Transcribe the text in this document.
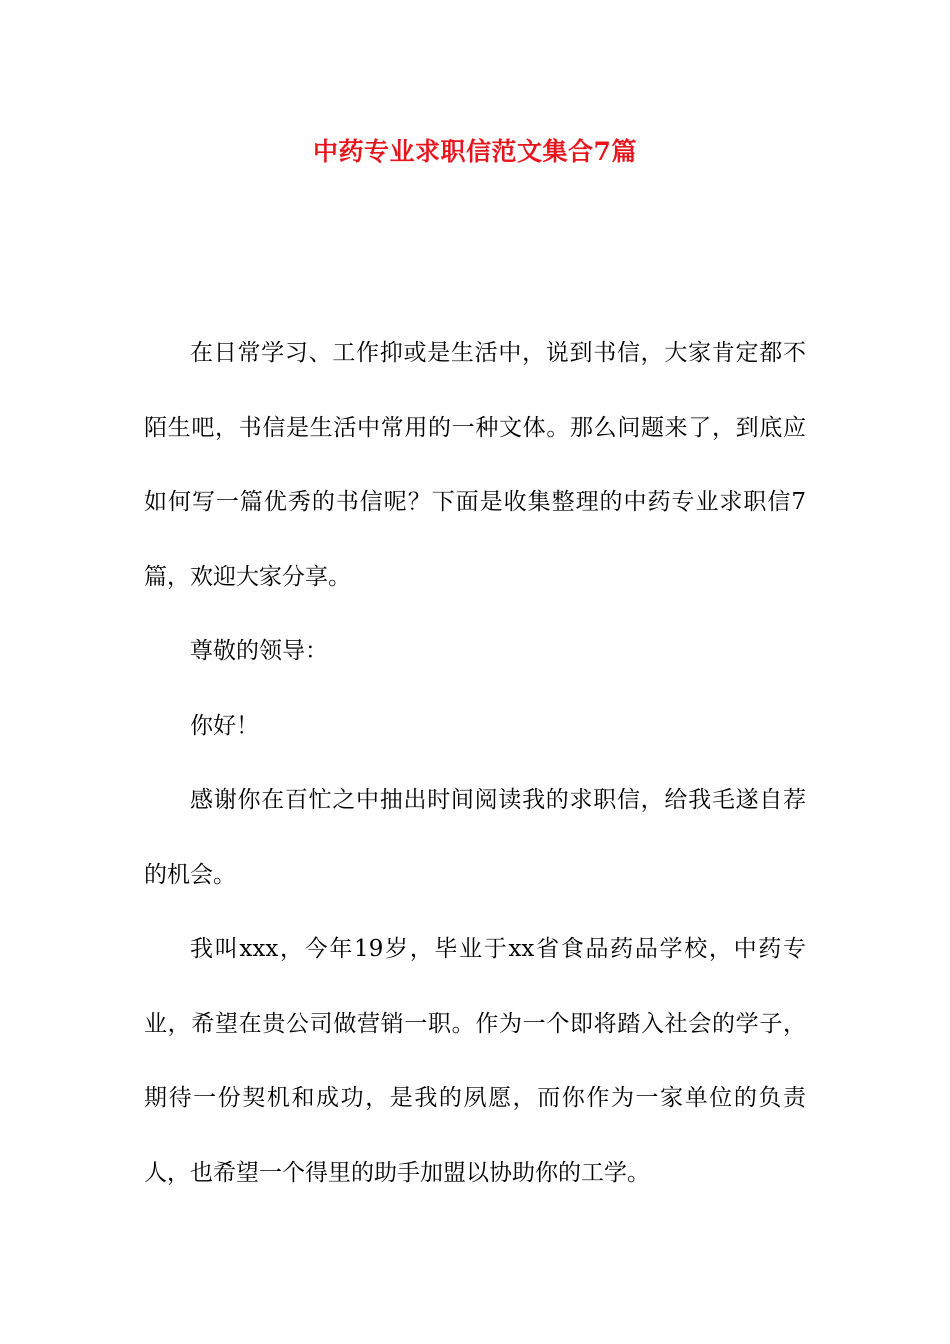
中药专业求职信范文集合7篇

在日常学习、工作抑或是生活中，说到书信，大家肯定都不陌生吧，书信是生活中常用的一种文体。那么问题来了，到底应如何写一篇优秀的书信呢？下面是收集整理的中药专业求职信7篇，欢迎大家分享。

尊敬的领导：

你好！

感谢你在百忙之中抽出时间阅读我的求职信，给我毛遂自荐的机会。

我叫xxx，今年19岁，毕业于xx省食品药品学校，中药专业，希望在贵公司做营销一职。作为一个即将踏入社会的学子，期待一份契机和成功，是我的夙愿，而你作为一家单位的负责人，也希望一个得里的助手加盟以协助你的工学。
